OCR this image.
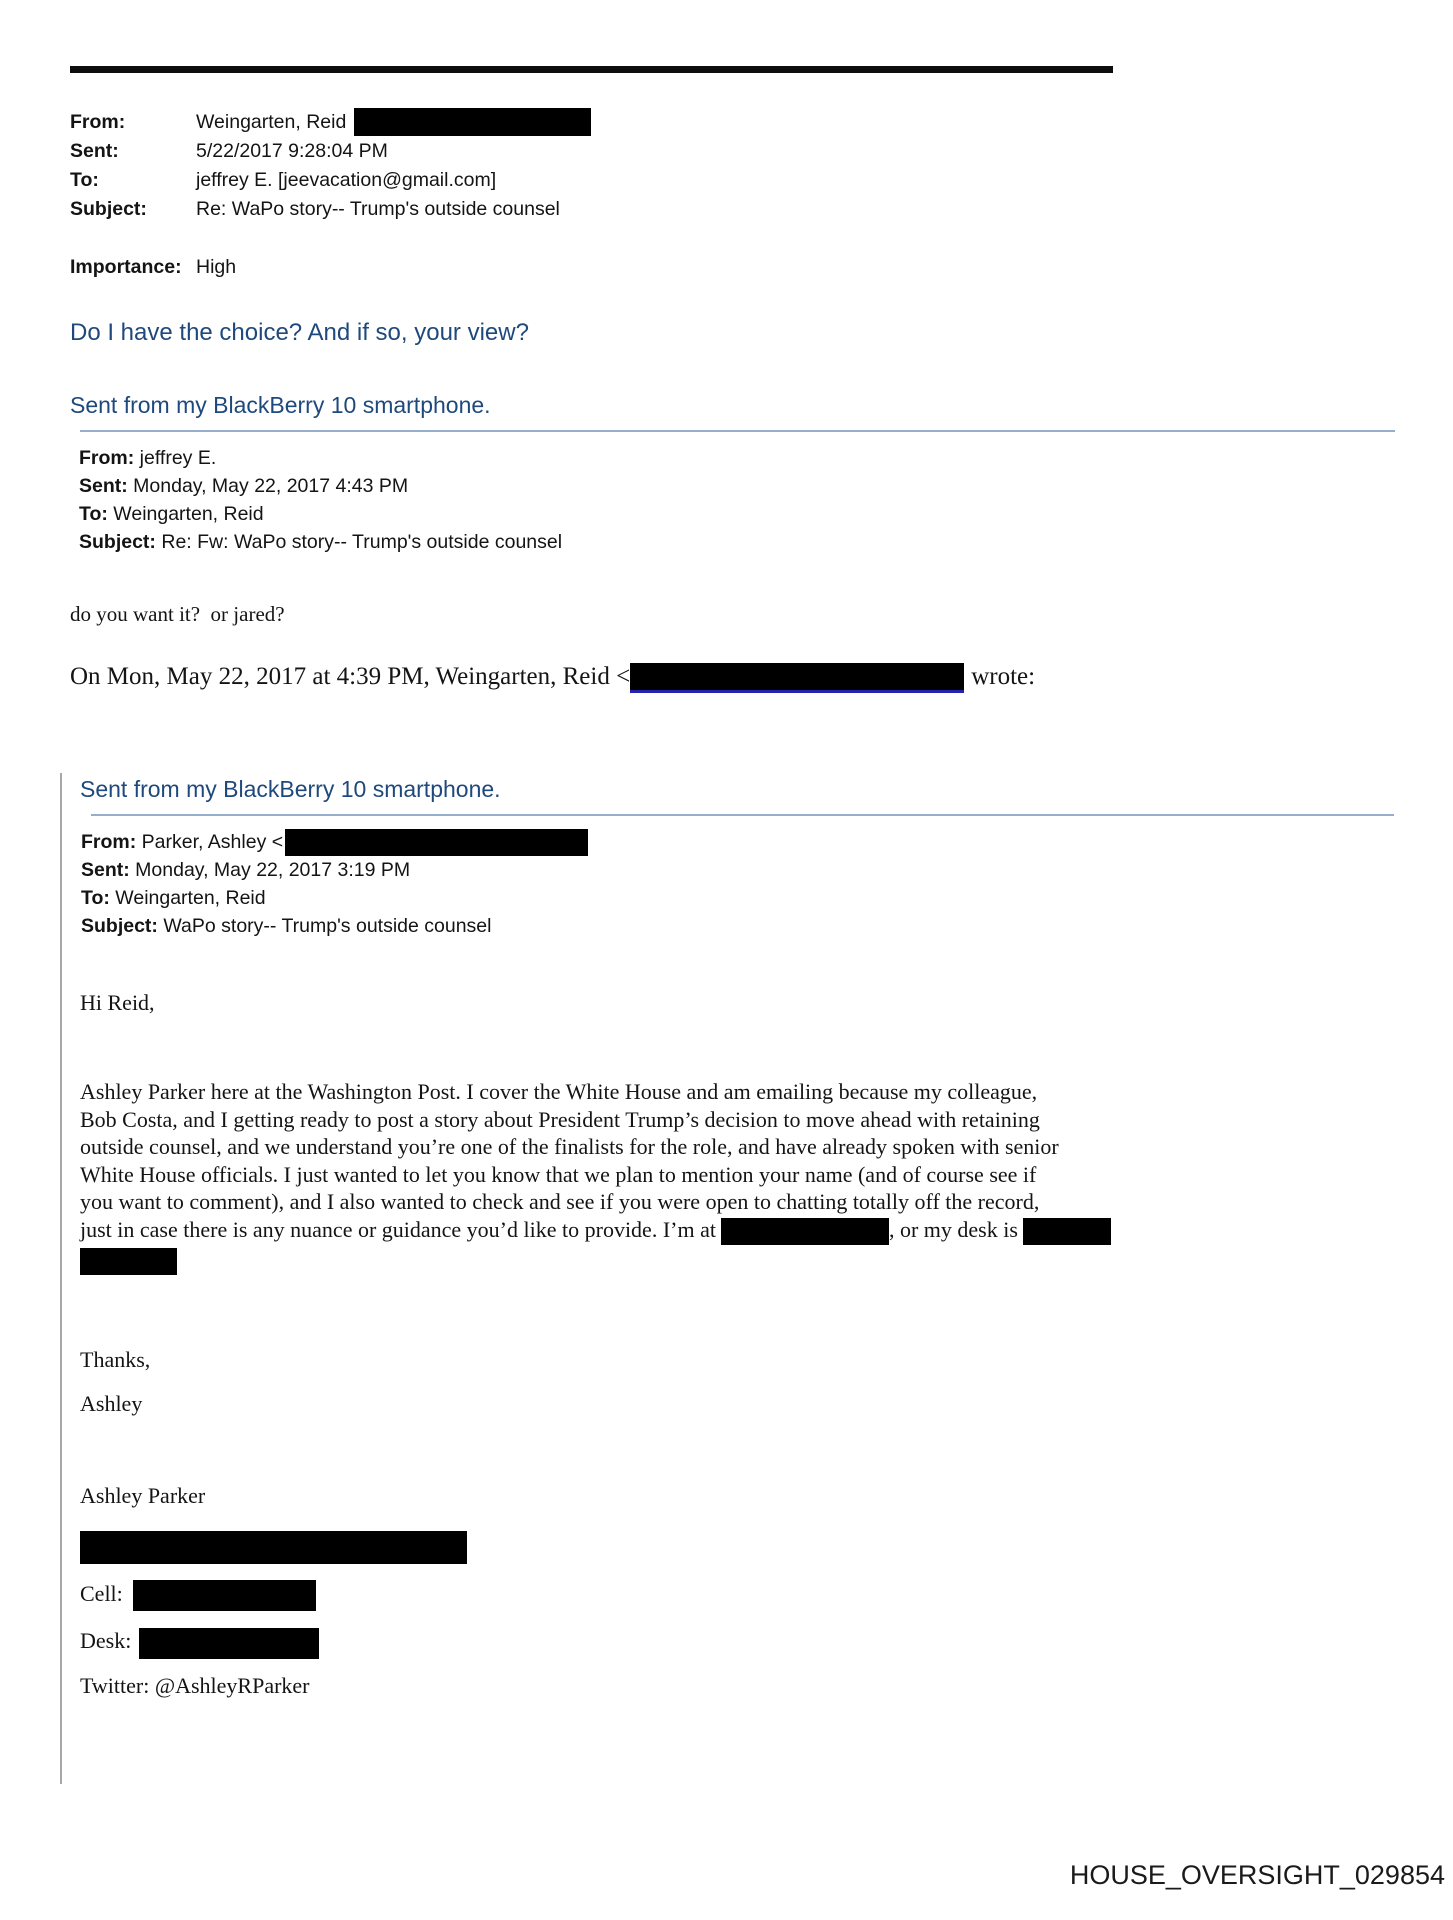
From:	Weingarten, Reid
Sent:	5/22/2017 9:28:04 PM
To:	jeffrey E. [jeevacation@gmail.com]
Subject:	Re: WaPo story-- Trump's outside counsel
Importance: High
Do I have the choice? And if so, your view?
Sent from my BlackBerry 10 smartphone.
From: jeffrey E.
Sent: Monday, May 22, 2017 4:43 PM
To: Weingarten, Reid
Subject: Re: Fw: WaPo story-- Trump's outside counsel
do you want it?  or jared?
On Mon, May 22, 2017 at 4:39 PM, Weingarten, Reid <	wrote:
Sent from my BlackBerry 10 smartphone.
From: Parker, Ashley <
Sent: Monday, May 22, 2017 3:19 PM
To: Weingarten, Reid
Subject: WaPo story-- Trump's outside counsel
Hi Reid,
Ashley Parker here at the Washington Post. I cover the White House and am emailing because my colleague,
Bob Costa, and I getting ready to post a story about President Trump’s decision to move ahead with retaining
outside counsel, and we understand you’re one of the finalists for the role, and have already spoken with senior
White House officials. I just wanted to let you know that we plan to mention your name (and of course see if
you want to comment), and I also wanted to check and see if you were open to chatting totally off the record,
just in case there is any nuance or guidance you’d like to provide. I’m at	, or my desk is
Thanks,
Ashley
Ashley Parker
Cell:
Desk:
Twitter: @AshleyRParker
HOUSE_OVERSIGHT_029854
